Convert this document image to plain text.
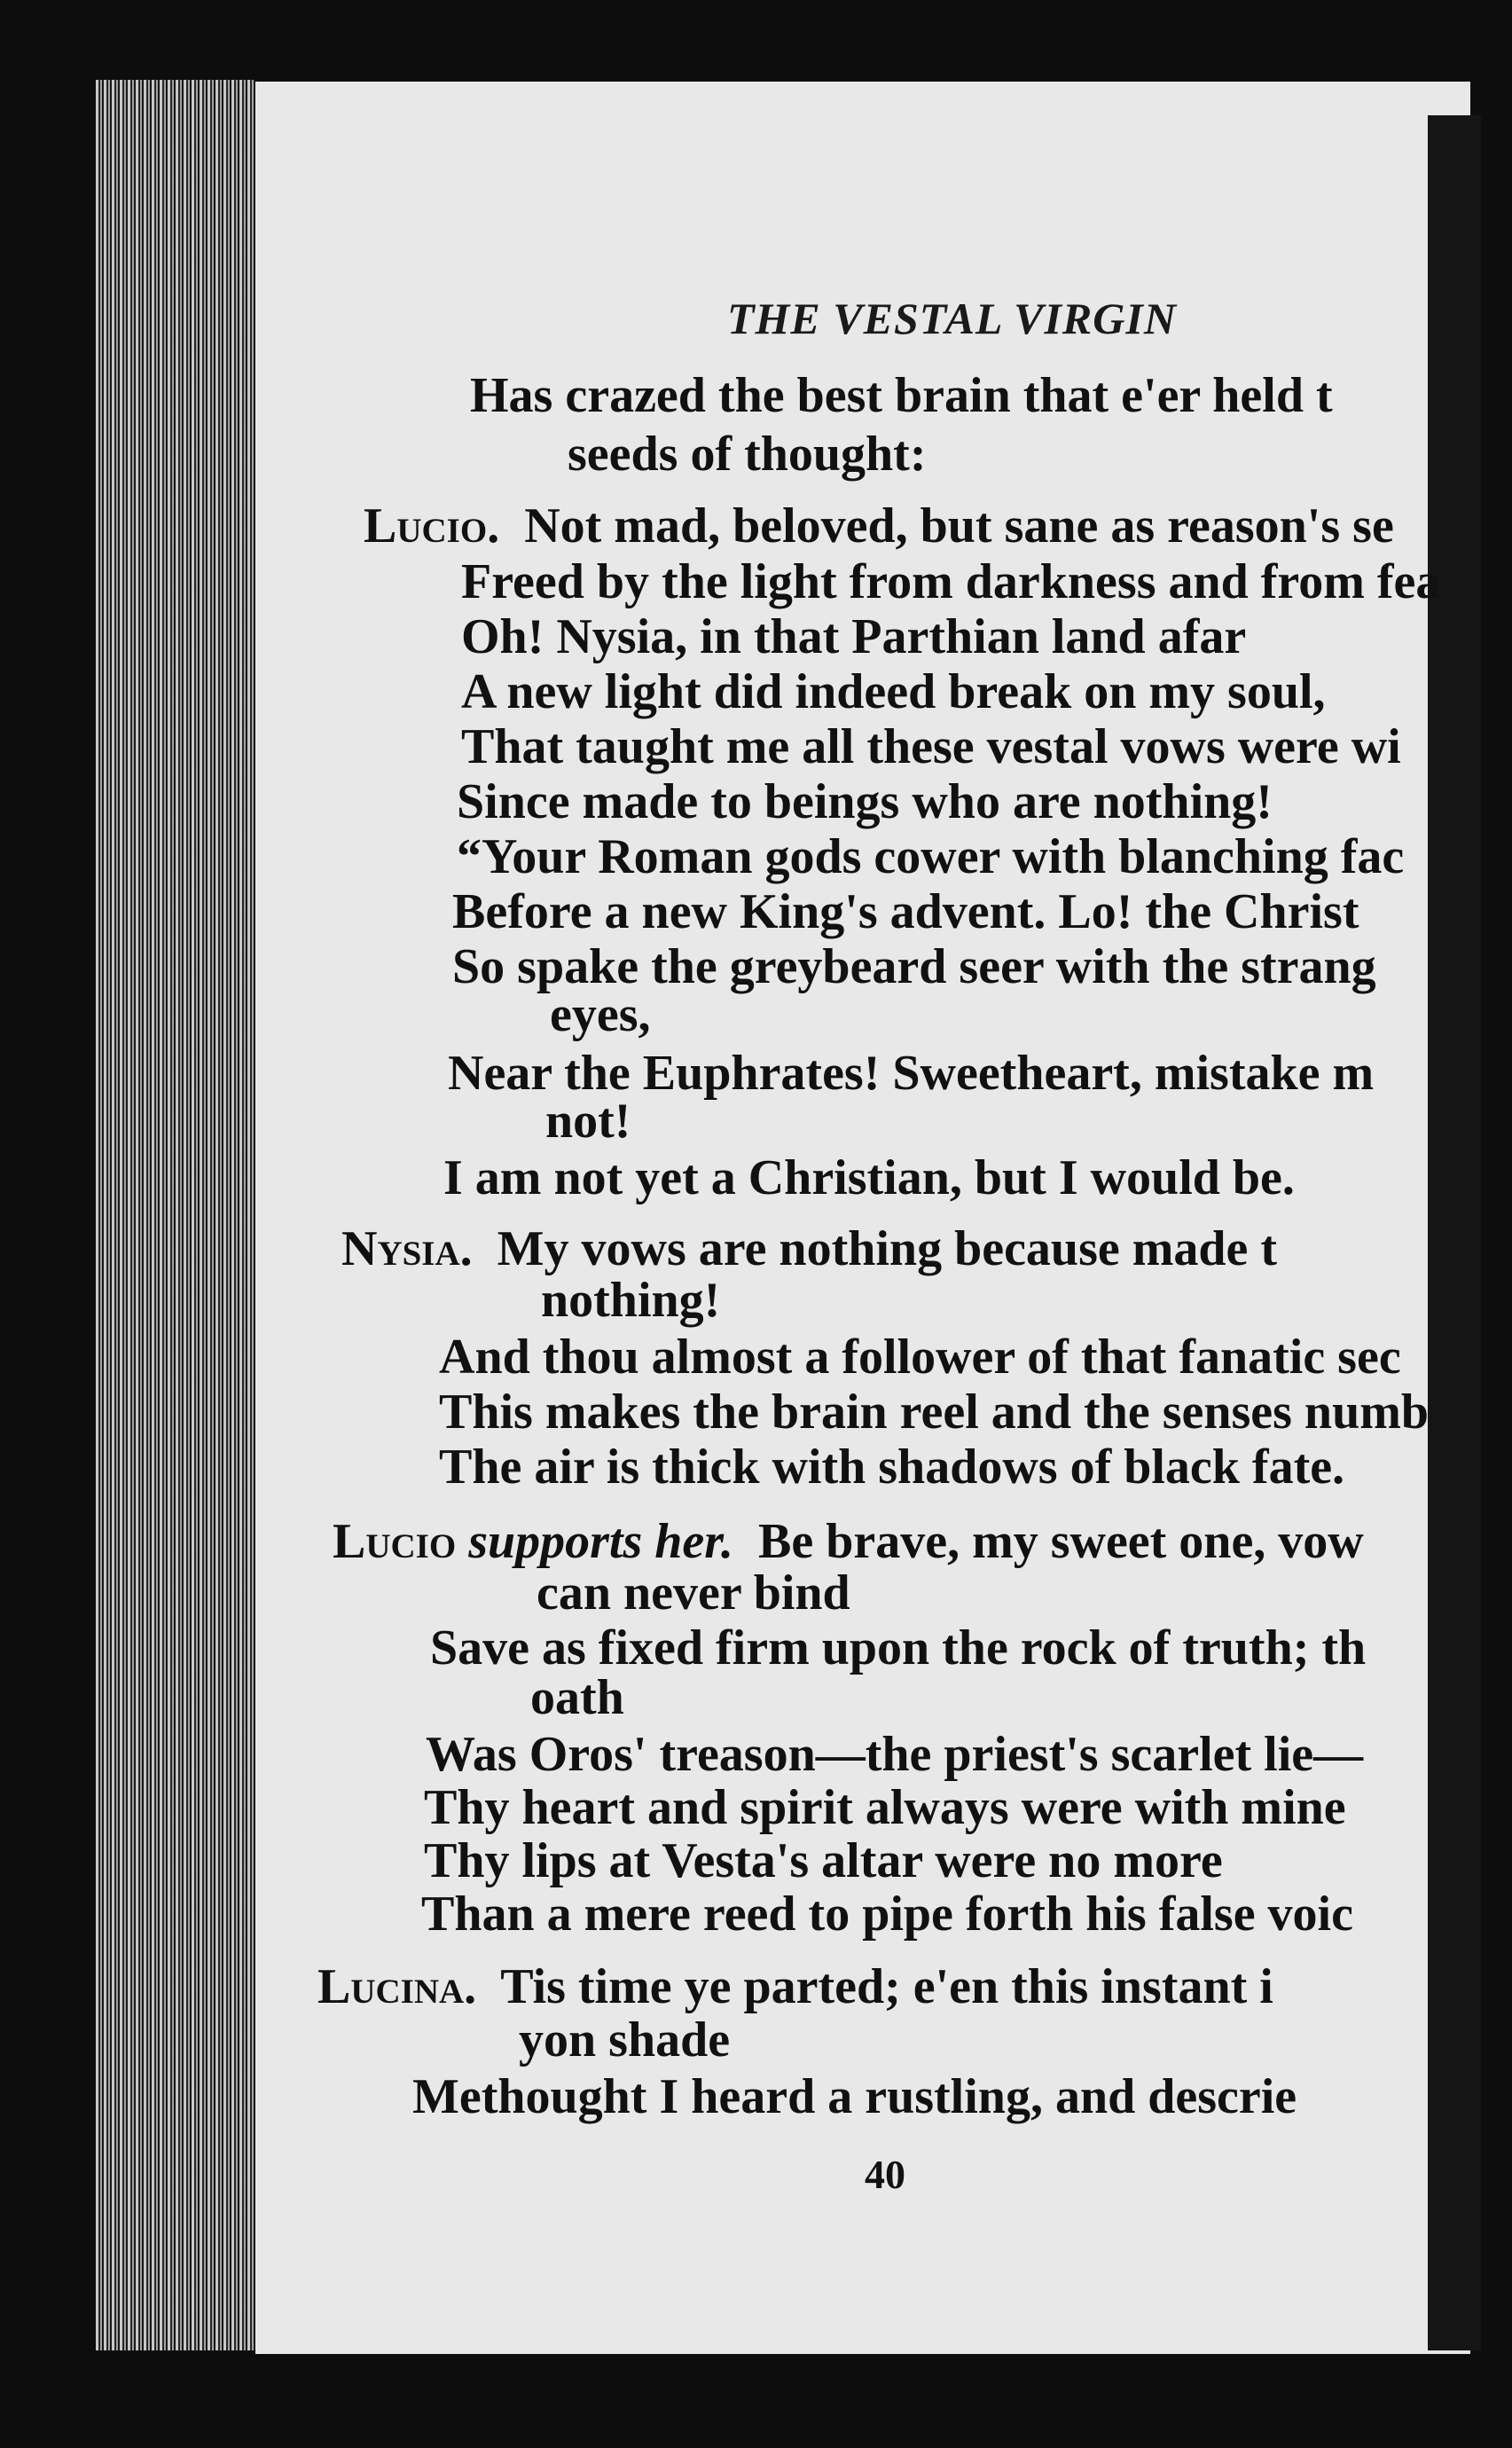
THE VESTAL VIRGIN
Has crazed the best brain that e'er held t
seeds of thought:
Lucio. Not mad, beloved, but sane as reason's se
Freed by the light from darkness and from fea
Oh! Nysia, in that Parthian land afar
A new light did indeed break on my soul,
That taught me all these vestal vows were wi
Since made to beings who are nothing!
“Your Roman gods cower with blanching fac
Before a new King's advent. Lo! the Christ
So spake the greybeard seer with the strang
eyes,
Near the Euphrates! Sweetheart, mistake m
not!
I am not yet a Christian, but I would be.
Nysia. My vows are nothing because made t
nothing!
And thou almost a follower of that fanatic sec
This makes the brain reel and the senses numb
The air is thick with shadows of black fate.
Lucio supports her. Be brave, my sweet one, vow
can never bind
Save as fixed firm upon the rock of truth; th
oath
Was Oros' treason—the priest's scarlet lie—
Thy heart and spirit always were with mine
Thy lips at Vesta's altar were no more
Than a mere reed to pipe forth his false voic
Lucina. Tis time ye parted; e'en this instant i
yon shade
Methought I heard a rustling, and descrie
40
